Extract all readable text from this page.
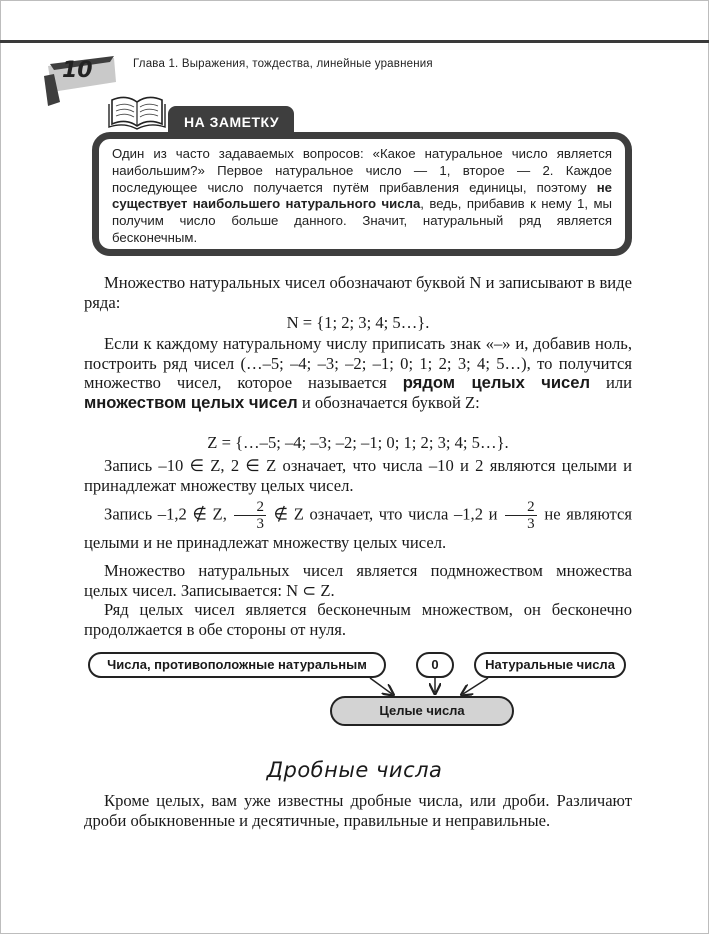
10	Глава 1. Выражения, тождества, линейные уравнения
НА ЗАМЕТКУ
Один из часто задаваемых вопросов: «Какое натуральное число является наибольшим?» Первое натуральное число — 1, второе — 2. Каждое последующее число получается путём прибавления единицы, поэтому не существует наибольшего натурального числа, ведь, прибавив к нему 1, мы получим число больше данного. Значит, натуральный ряд является бесконечным.
Множество натуральных чисел обозначают буквой N и записывают в виде ряда:
N = {1; 2; 3; 4; 5…}.
Если к каждому натуральному числу приписать знак «–» и, добавив ноль, построить ряд чисел (…–5; –4; –3; –2; –1; 0; 1; 2; 3; 4; 5…), то получится множество чисел, которое называется рядом целых чисел или множеством целых чисел и обозначается буквой Z:
Z = {…–5; –4; –3; –2; –1; 0; 1; 2; 3; 4; 5…}.
Запись –10 ∈ Z, 2 ∈ Z означает, что числа –10 и 2 являются целыми и принадлежат множеству целых чисел.
Запись –1,2 ∉ Z, $\frac{2}{3}$ ∉ Z означает, что числа –1,2 и $\frac{2}{3}$ не являются целыми и не принадлежат множеству целых чисел.
Множество натуральных чисел является подмножеством множества целых чисел. Записывается: N ⊂ Z.
Ряд целых чисел является бесконечным множеством, он бесконечно продолжается в обе стороны от нуля.
Числа, противоположные натуральным	0	Натуральные числа
Целые числа
Дробные числа
Кроме целых, вам уже известны дробные числа, или дроби. Различают дроби обыкновенные и десятичные, правильные и неправильные.
